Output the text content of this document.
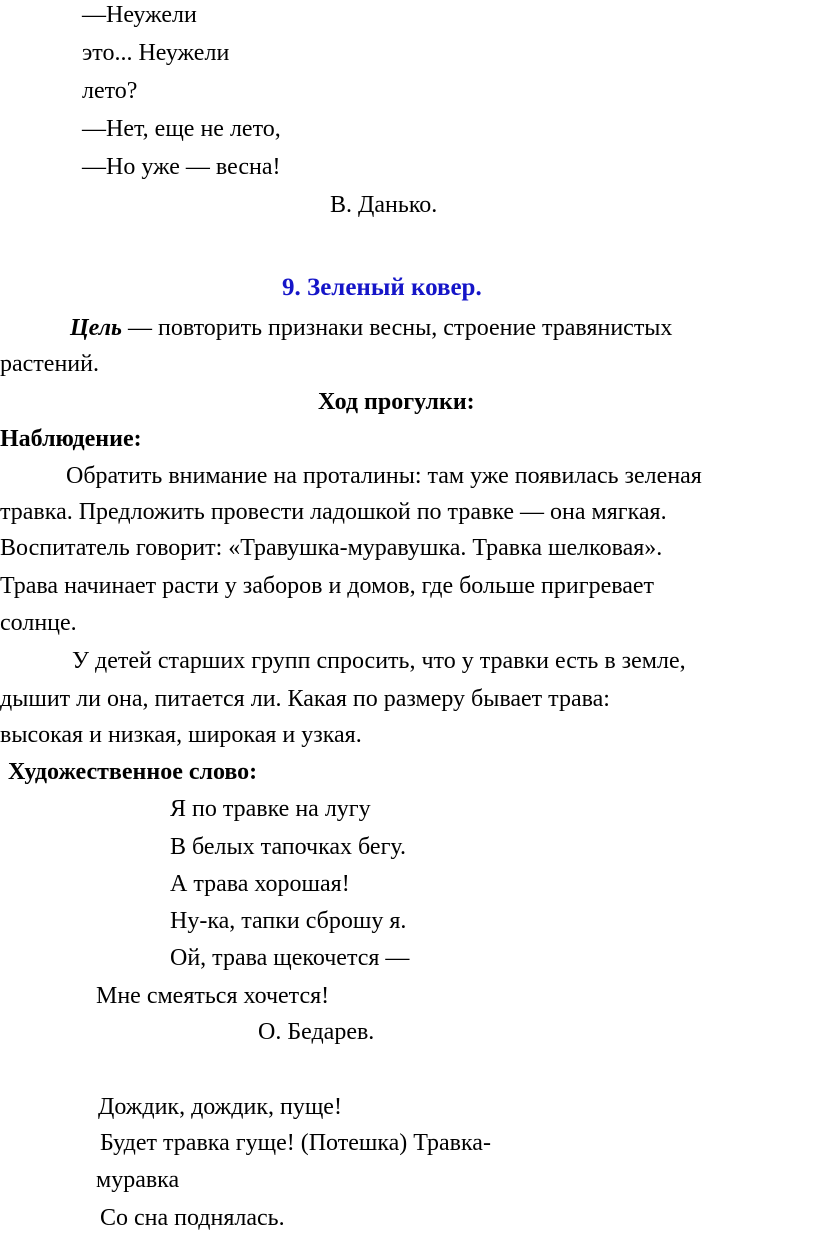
—Неужели
это... Неужели
лето?
—Нет, еще не лето,
—Но уже — весна!
В. Данько.
9. Зеленый ковер.
Цель — повторить признаки весны, строение травянистых
растений.
Ход прогулки:
Наблюдение:
Обратить внимание на проталины: там уже появилась зеленая
травка. Предложить провести ладошкой по травке — она мягкая.
Воспитатель говорит: «Травушка-муравушка. Травка шелковая».
Трава начинает расти у заборов и домов, где больше пригревает
солнце.
У детей старших групп спросить, что у травки есть в земле,
дышит ли она, питается ли. Какая по размеру бывает трава:
высокая и низкая, широкая и узкая.
Художественное слово:
Я по травке на лугу
В белых тапочках бегу.
А трава хорошая!
Ну-ка, тапки сброшу я.
Ой, трава щекочется —
Мне смеяться хочется!
О. Бедарев.
Дождик, дождик, пуще!
Будет травка гуще! (Потешка) Травка-
муравка
Со сна поднялась.
